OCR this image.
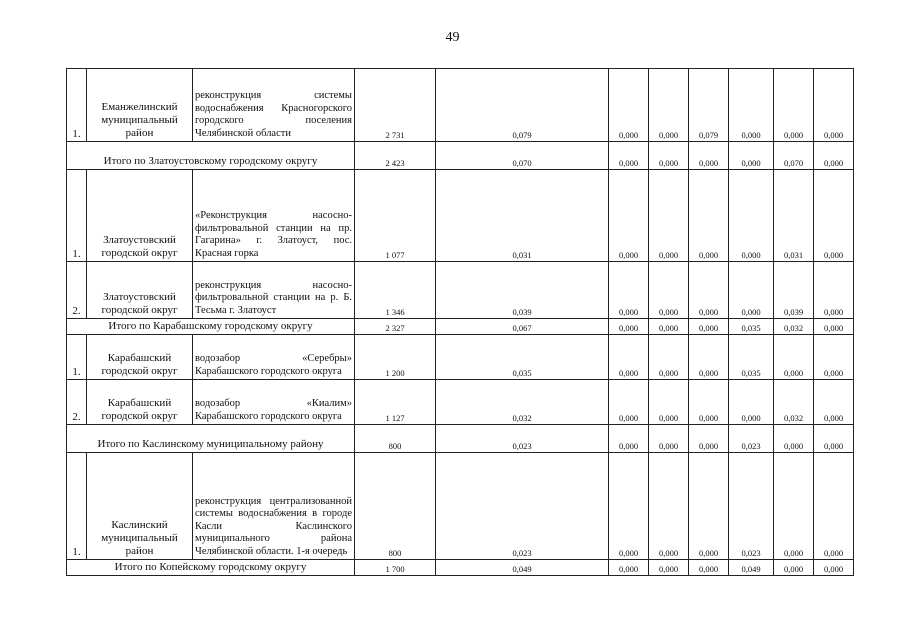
49
1.	Еманжелинский муниципальный район	реконструкция системы водоснабжения Красногорского городского поселения Челябинской области	2 731	0,079	0,000	0,000	0,079	0,000	0,000	0,000
Итого по Златоустовскому городскому округу			2 423	0,070	0,000	0,000	0,000	0,000	0,070	0,000
1.	Златоустовский городской округ	«Реконструкция насосно-фильтровальной станции на пр. Гагарина» г. Златоуст, пос. Красная горка	1 077	0,031	0,000	0,000	0,000	0,000	0,031	0,000
2.	Златоустовский городской округ	реконструкция насосно-фильтровальной станции на р. Б. Тесьма г. Златоуст	1 346	0,039	0,000	0,000	0,000	0,000	0,039	0,000
Итого по Карабашскому городскому округу			2 327	0,067	0,000	0,000	0,000	0,035	0,032	0,000
1.	Карабашский городской округ	водозабор «Серебры» Карабашского городского округа	1 200	0,035	0,000	0,000	0,000	0,035	0,000	0,000
2.	Карабашский городской округ	водозабор «Киалим» Карабашского городского округа	1 127	0,032	0,000	0,000	0,000	0,000	0,032	0,000
Итого по Каслинскому муниципальному району			800	0,023	0,000	0,000	0,000	0,023	0,000	0,000
1.	Каслинский муниципальный район	реконструкция централизованной системы водоснабжения в городе Касли Каслинского муниципального района Челябинской области. 1-я очередь	800	0,023	0,000	0,000	0,000	0,023	0,000	0,000
Итого по Копейскому городскому округу			1 700	0,049	0,000	0,000	0,000	0,049	0,000	0,000
